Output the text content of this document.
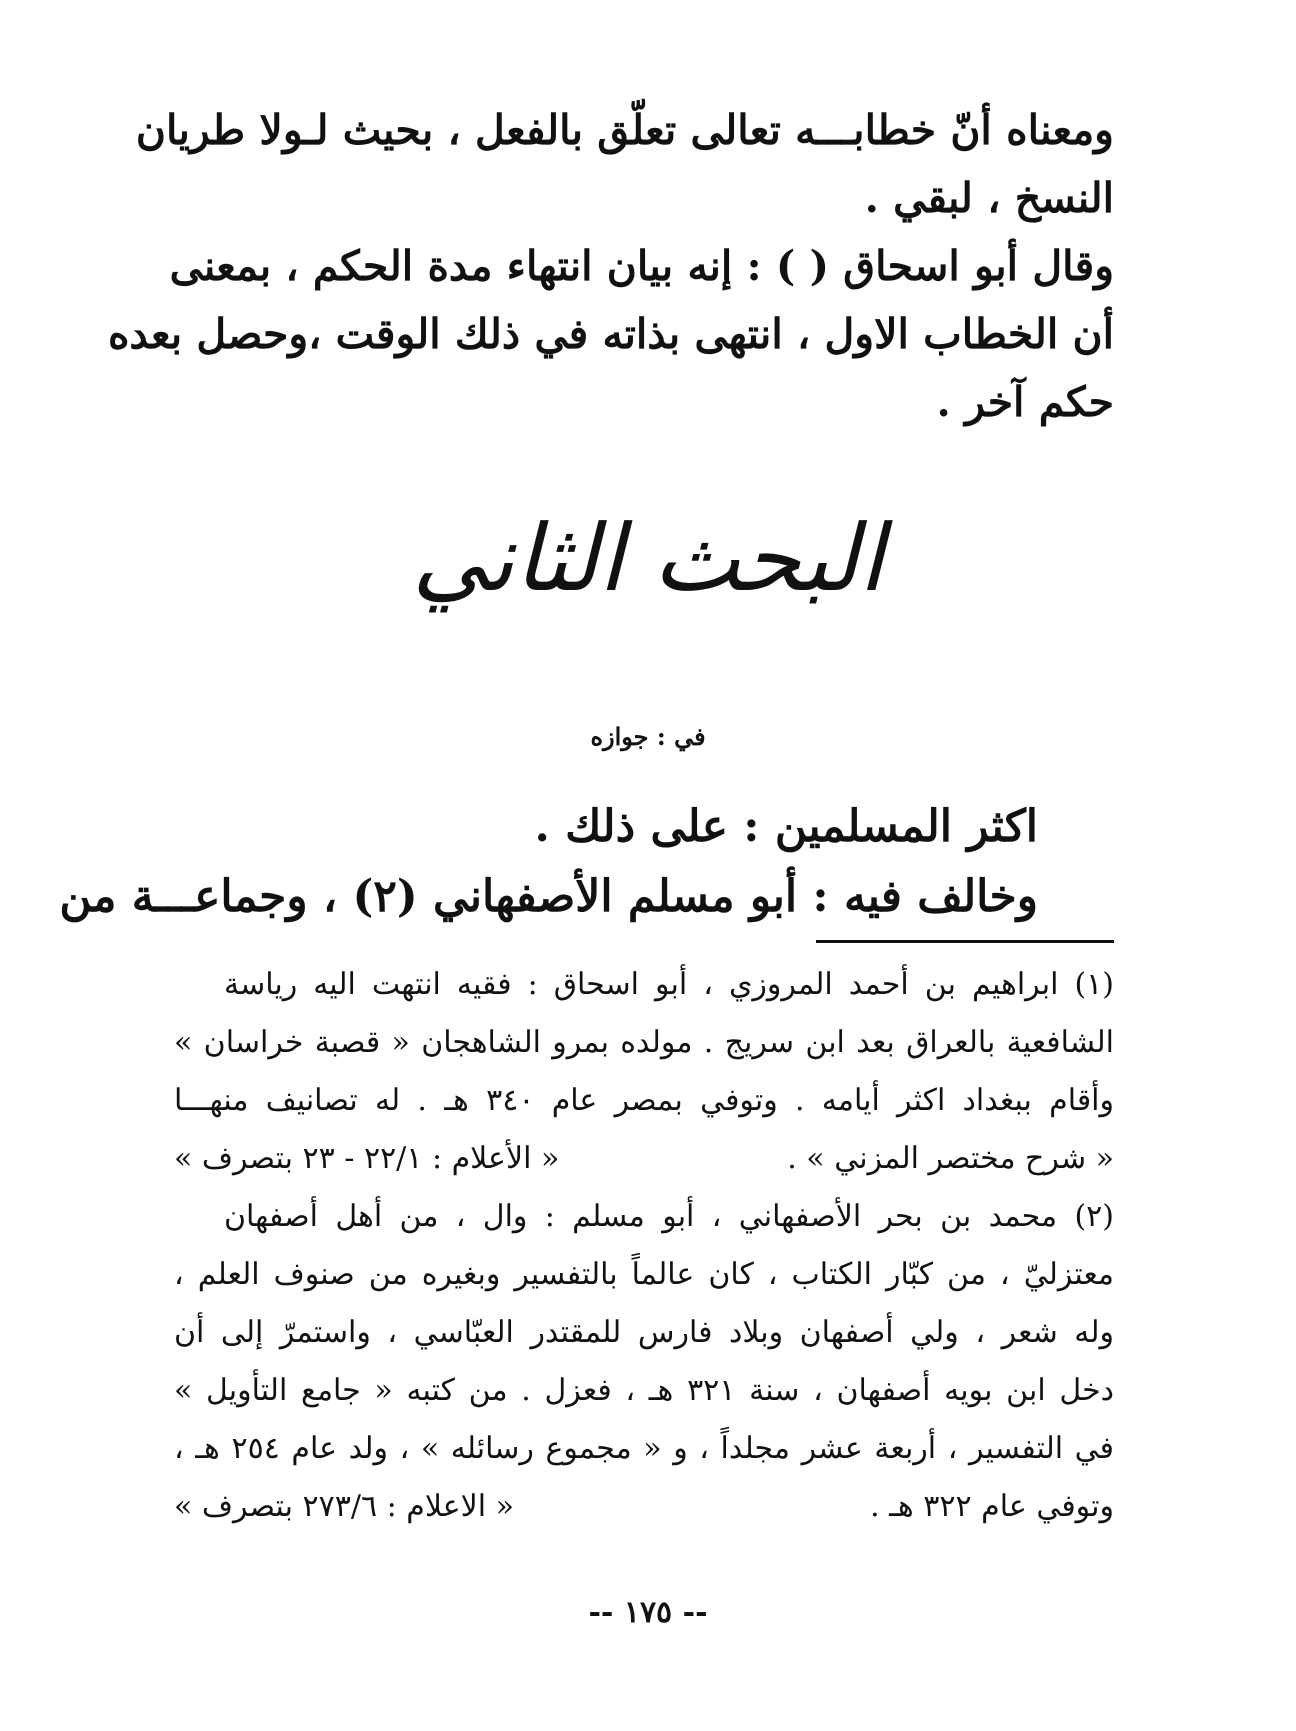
ومعناه أنّ خطابـــه تعالى تعلّق بالفعل ، بحيث لـولا طريان

النسخ ، لبقي .

وقال أبو اسحاق ( ) : إنه بيان انتهاء مدة الحكم ، بمعنى

أن الخطاب الاول ، انتهى بذاته في ذلك الوقت ،وحصل بعده

حكم آخر .

البحث الثاني
في : جوازه

اكثر المسلمين : على ذلك .

وخالف فيه : أبو مسلم الأصفهاني (٢) ، وجماعـــة من

(١) ابراهيم بن أحمد المروزي ، أبو اسحاق : فقيه انتهت اليه رياسة

الشافعية بالعراق بعد ابن سريج . مولده بمرو الشاهجان « قصبة خراسان »

وأقام ببغداد اكثر أيامه . وتوفي بمصر عام ٣٤٠ هـ . له تصانيف منهـــا

« شرح مختصر المزني » .
« الأعلام : ٢٢/١ - ٢٣ بتصرف »

(٢) محمد بن بحر الأصفهاني ، أبو مسلم : وال ، من أهل أصفهان

معتزليّ ، من كبّار الكتاب ، كان عالماً بالتفسير وبغيره من صنوف العلم ،

وله شعر ، ولي أصفهان وبلاد فارس للمقتدر العبّاسي ، واستمرّ إلى أن

دخل ابن بويه أصفهان ، سنة ٣٢١ هـ ، فعزل . من كتبه « جامع التأويل »

في التفسير ، أربعة عشر مجلداً ، و « مجموع رسائله » ، ولد عام ٢٥٤ هـ ،

وتوفي عام ٣٢٢ هـ .
« الاعلام : ٢٧٣/٦ بتصرف »
-- ١٧٥ --
